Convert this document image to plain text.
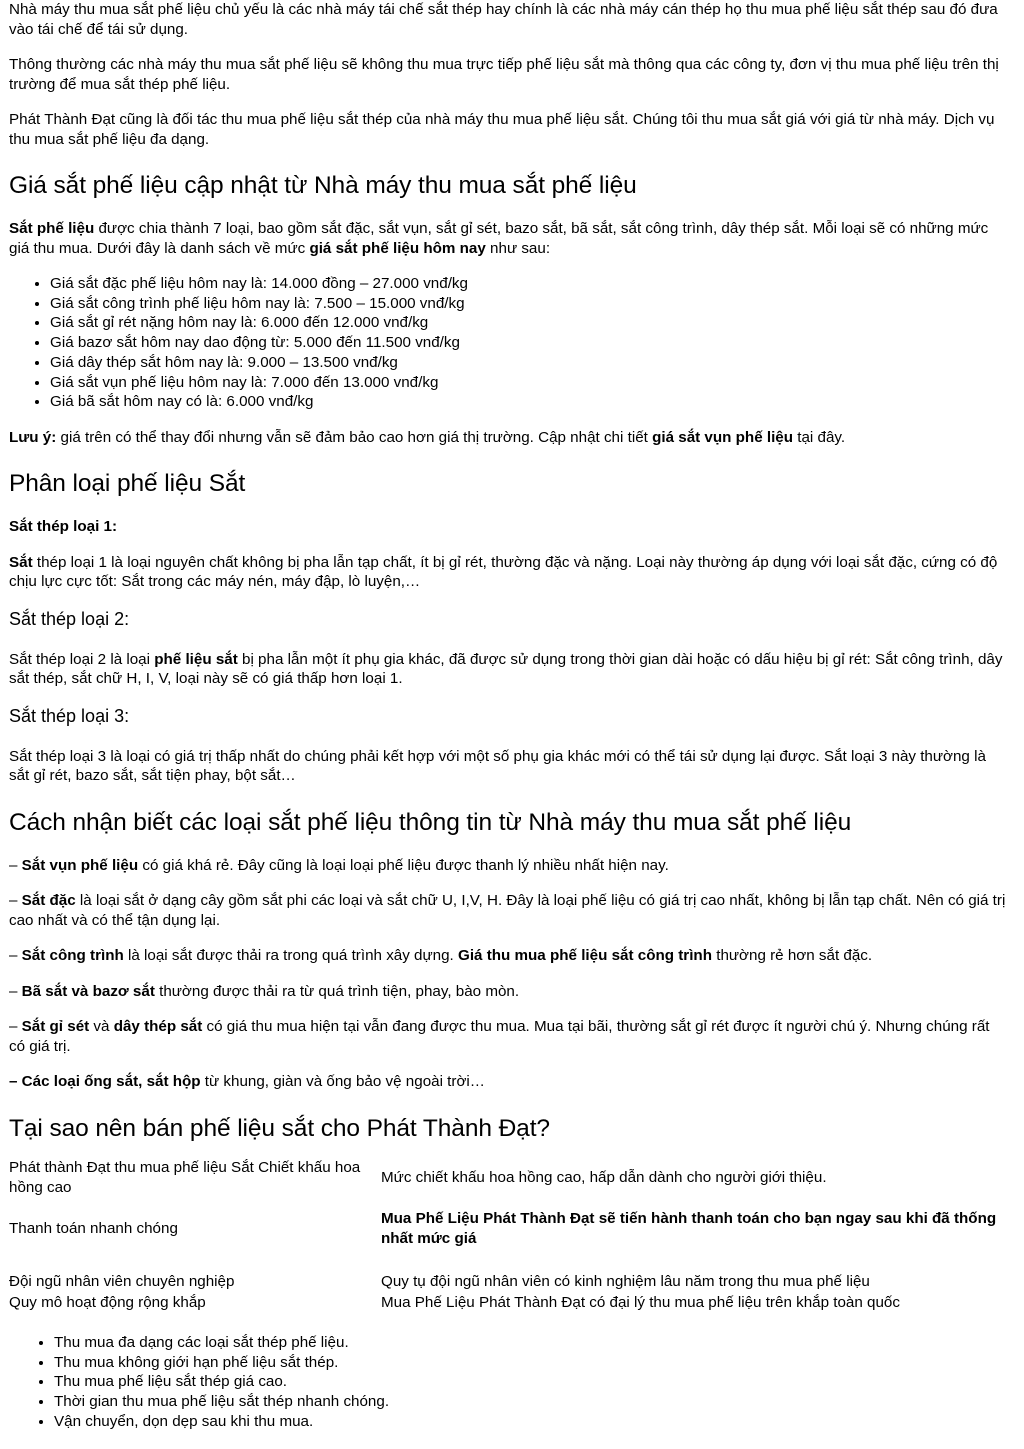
Nhà máy thu mua sắt phế liệu chủ yếu là các nhà máy tái chế sắt thép hay chính là các nhà máy cán thép họ thu mua phế liệu sắt thép sau đó đưa vào tái chế để tái sử dụng.

Thông thường các nhà máy thu mua sắt phế liệu sẽ không thu mua trực tiếp phế liệu sắt mà thông qua các công ty, đơn vị thu mua phế liệu trên thị trường để mua sắt thép phế liệu.

Phát Thành Đạt cũng là đối tác thu mua phế liệu sắt thép của nhà máy thu mua phế liệu sắt. Chúng tôi thu mua sắt giá với giá từ nhà máy. Dịch vụ thu mua sắt phế liệu đa dạng.

Giá sắt phế liệu cập nhật từ Nhà máy thu mua sắt phế liệu

Sắt phế liệu được chia thành 7 loại, bao gồm sắt đặc, sắt vụn, sắt gỉ sét, bazo sắt, bã sắt, sắt công trình, dây thép sắt. Mỗi loại sẽ có những mức giá thu mua. Dưới đây là danh sách về mức giá sắt phế liệu hôm nay như sau:

• Giá sắt đặc phế liệu hôm nay là: 14.000 đồng – 27.000 vnđ/kg
• Giá sắt công trình phế liệu hôm nay là: 7.500 – 15.000 vnđ/kg
• Giá sắt gỉ rét nặng hôm nay là: 6.000 đến 12.000 vnđ/kg
• Giá bazơ sắt hôm nay dao động từ: 5.000 đến 11.500 vnđ/kg
• Giá dây thép sắt hôm nay là: 9.000 – 13.500 vnđ/kg
• Giá sắt vụn phế liệu hôm nay là: 7.000 đến 13.000 vnđ/kg
• Giá bã sắt hôm nay có là: 6.000 vnđ/kg

Lưu ý: giá trên có thể thay đổi nhưng vẫn sẽ đảm bảo cao hơn giá thị trường. Cập nhật chi tiết giá sắt vụn phế liệu tại đây.

Phân loại phế liệu Sắt
Sắt thép loại 1:

Sắt thép loại 1 là loại nguyên chất không bị pha lẫn tạp chất, ít bị gỉ rét, thường đặc và nặng. Loại này thường áp dụng với loại sắt đặc, cứng có độ chịu lực cực tốt: Sắt trong các máy nén, máy đập, lò luyện,…

Sắt thép loại 2:

Sắt thép loại 2 là loại phế liệu sắt bị pha lẫn một ít phụ gia khác, đã được sử dụng trong thời gian dài hoặc có dấu hiệu bị gỉ rét: Sắt công trình, dây sắt thép, sắt chữ H, I, V, loại này sẽ có giá thấp hơn loại 1.

Sắt thép loại 3:

Sắt thép loại 3 là loại có giá trị thấp nhất do chúng phải kết hợp với một số phụ gia khác mới có thể tái sử dụng lại được. Sắt loại 3 này thường là sắt gỉ rét, bazo sắt, sắt tiện phay, bột sắt…

Cách nhận biết các loại sắt phế liệu thông tin từ Nhà máy thu mua sắt phế liệu

– Sắt vụn phế liệu có giá khá rẻ. Đây cũng là loại loại phế liệu được thanh lý nhiều nhất hiện nay.

– Sắt đặc là loại sắt ở dạng cây gồm sắt phi các loại và sắt chữ U, I,V, H. Đây là loại phế liệu có giá trị cao nhất, không bị lẫn tạp chất. Nên có giá trị cao nhất và có thể tận dụng lại.

– Sắt công trình là loại sắt được thải ra trong quá trình xây dựng. Giá thu mua phế liệu sắt công trình thường rẻ hơn sắt đặc.

– Bã sắt và bazơ sắt thường được thải ra từ quá trình tiện, phay, bào mòn.

– Sắt gỉ sét và dây thép sắt có giá thu mua hiện tại vẫn đang được thu mua. Mua tại bãi, thường sắt gỉ rét được ít người chú ý. Nhưng chúng rất có giá trị.

– Các loại ống sắt, sắt hộp từ khung, giàn và ống bảo vệ ngoài trời…

Tại sao nên bán phế liệu sắt cho Phát Thành Đạt?
Phát thành Đạt thu mua phế liệu Sắt Chiết khấu hoa hồng cao	Mức chiết khấu hoa hồng cao, hấp dẫn dành cho người giới thiệu.
Thanh toán nhanh chóng	Mua Phế Liệu Phát Thành Đạt sẽ tiến hành thanh toán cho bạn ngay sau khi đã thống nhất mức giá
Đội ngũ nhân viên chuyên nghiệp	Quy tụ đội ngũ nhân viên có kinh nghiệm lâu năm trong thu mua phế liệu
Quy mô hoạt động rộng khắp	Mua Phế Liệu Phát Thành Đạt có đại lý thu mua phế liệu trên khắp toàn quốc
• Thu mua đa dạng các loại sắt thép phế liệu.
• Thu mua không giới hạn phế liệu sắt thép.
• Thu mua phế liệu sắt thép giá cao.
• Thời gian thu mua phế liệu sắt thép nhanh chóng.
• Vận chuyển, dọn dẹp sau khi thu mua.
